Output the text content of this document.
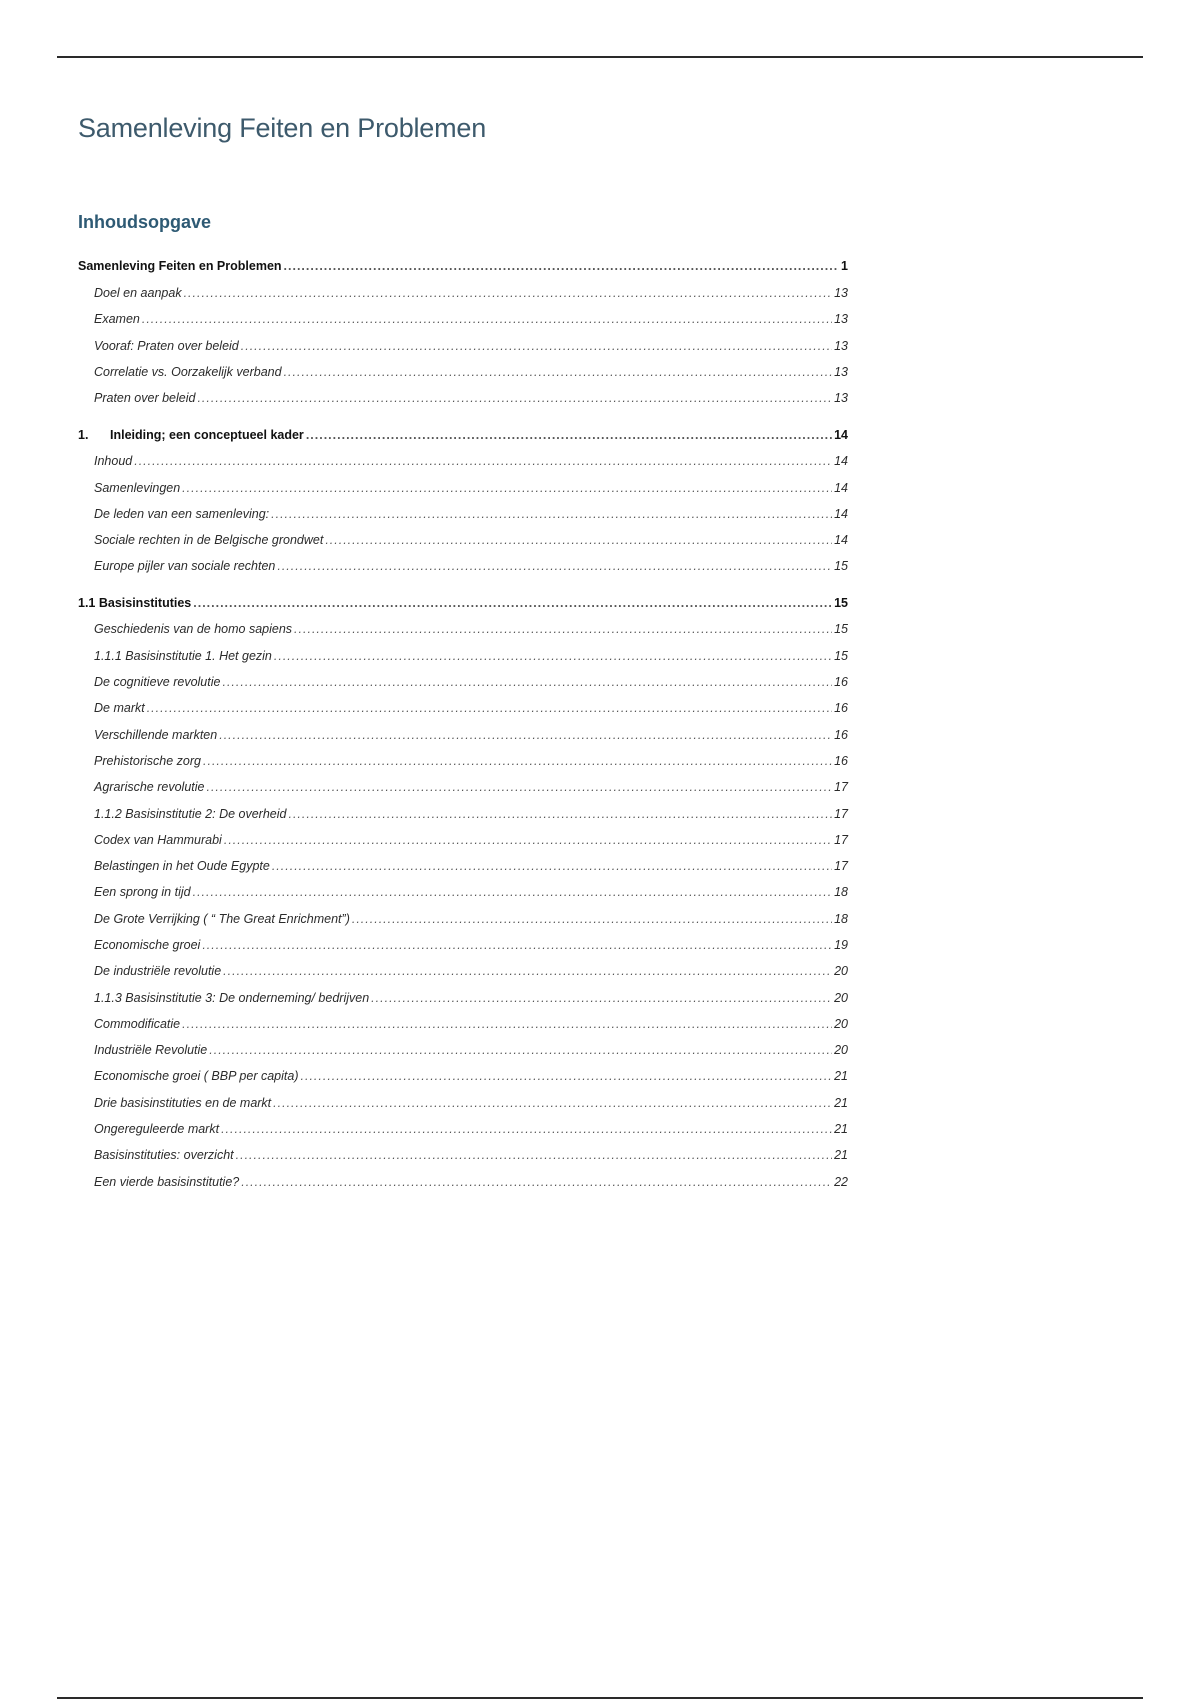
Samenleving Feiten en Problemen
Inhoudsopgave
Samenleving Feiten en Problemen .....	1
Doel en aanpak .....	13
Examen .....	13
Vooraf: Praten over beleid .....	13
Correlatie vs. Oorzakelijk verband .....	13
Praten over beleid .....	13
1.	Inleiding; een conceptueel kader .....	14
Inhoud .....	14
Samenlevingen .....	14
De leden van een samenleving: .....	14
Sociale rechten in de Belgische grondwet .....	14
Europe pijler van sociale rechten .....	15
1.1 Basisinstituties .....	15
Geschiedenis van de homo sapiens .....	15
1.1.1 Basisinstitutie 1. Het gezin .....	15
De cognitieve revolutie .....	16
De markt .....	16
Verschillende markten .....	16
Prehistorische zorg .....	16
Agrarische revolutie .....	17
1.1.2 Basisinstitutie 2: De overheid .....	17
Codex van Hammurabi .....	17
Belastingen in het Oude Egypte .....	17
Een sprong in tijd .....	18
De Grote Verrijking ( “ The Great Enrichment”) .....	18
Economische groei .....	19
De industriële revolutie .....	20
1.1.3 Basisinstitutie 3: De onderneming/ bedrijven .....	20
Commodificatie .....	20
Industriële Revolutie .....	20
Economische groei ( BBP per capita) .....	21
Drie basisinstituties en de markt .....	21
Ongereguleerde markt .....	21
Basisinstituties: overzicht .....	21
Een vierde basisinstitutie? .....	22
